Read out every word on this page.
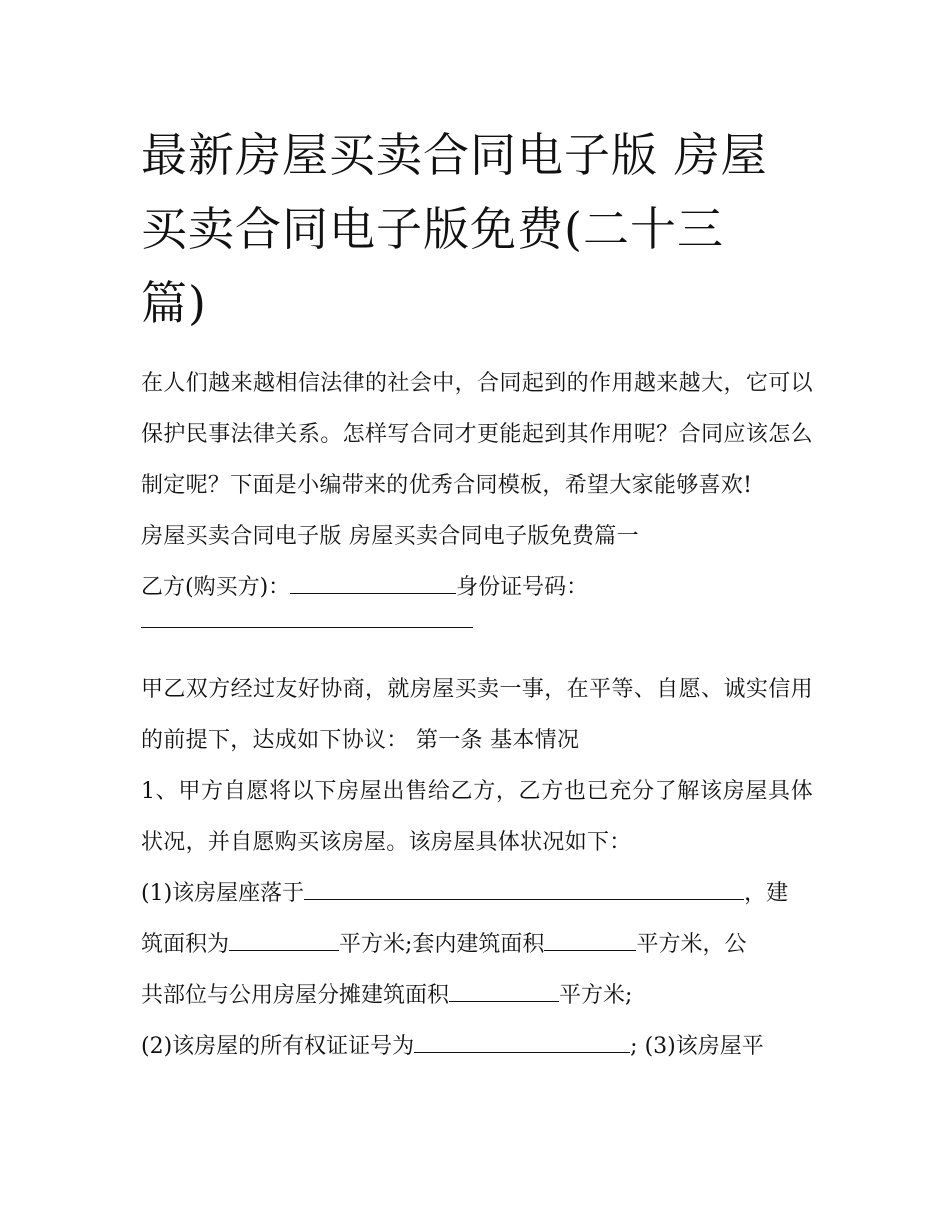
最新房屋买卖合同电子版 房屋
买卖合同电子版免费(二十三
篇)

在人们越来越相信法律的社会中，合同起到的作用越来越大，它可以保护民事法律关系。怎样写合同才更能起到其作用呢？合同应该怎么制定呢？下面是小编带来的优秀合同模板，希望大家能够喜欢!

房屋买卖合同电子版 房屋买卖合同电子版免费篇一

乙方(购买方)：	身份证号码：

甲乙双方经过友好协商，就房屋买卖一事，在平等、自愿、诚实信用的前提下，达成如下协议： 第一条 基本情况

1、甲方自愿将以下房屋出售给乙方，乙方也已充分了解该房屋具体状况，并自愿购买该房屋。该房屋具体状况如下：

(1)该房屋座落于	，建

筑面积为	平方米;套内建筑面积	平方米，公

共部位与公用房屋分摊建筑面积	平方米;

(2)该房屋的所有权证证号为	; (3)该房屋平
